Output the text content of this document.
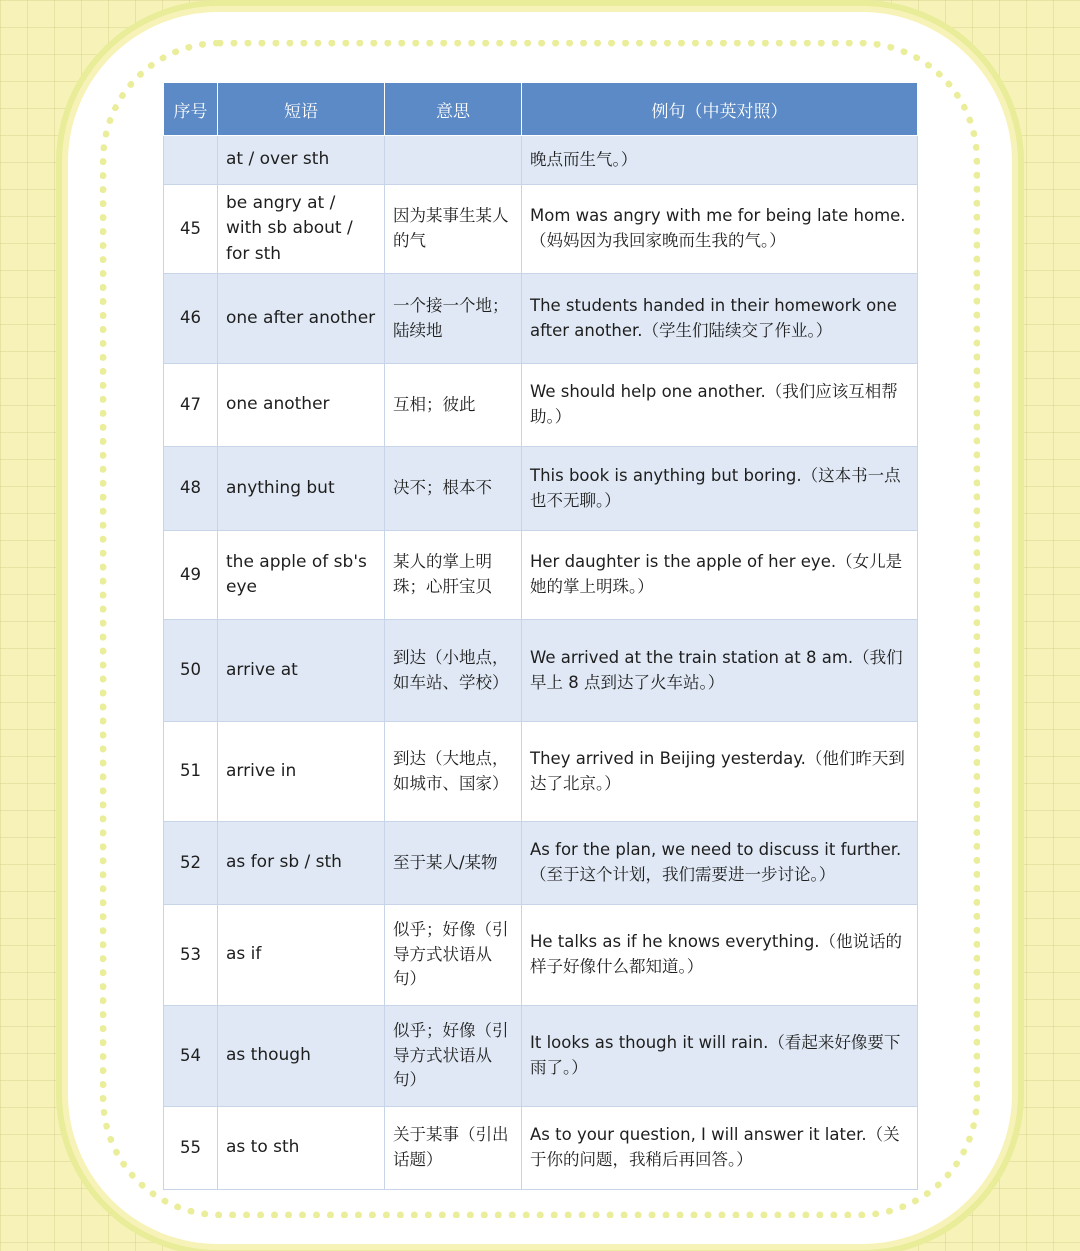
序号	短语	意思	例句（中英对照）
	at / over sth		晚点而生气。）
45	be angry at / with sb about / for sth	因为某事生某人的气	Mom was angry with me for being late home.（妈妈因为我回家晚而生我的气。）
46	one after another	一个接一个地；陆续地	The students handed in their homework one after another.（学生们陆续交了作业。）
47	one another	互相；彼此	We should help one another.（我们应该互相帮助。）
48	anything but	决不；根本不	This book is anything but boring.（这本书一点也不无聊。）
49	the apple of sb's eye	某人的掌上明珠；心肝宝贝	Her daughter is the apple of her eye.（女儿是她的掌上明珠。）
50	arrive at	到达（小地点，如车站、学校）	We arrived at the train station at 8 am.（我们早上 8 点到达了火车站。）
51	arrive in	到达（大地点，如城市、国家）	They arrived in Beijing yesterday.（他们昨天到达了北京。）
52	as for sb / sth	至于某人/某物	As for the plan, we need to discuss it further.（至于这个计划，我们需要进一步讨论。）
53	as if	似乎；好像（引导方式状语从句）	He talks as if he knows everything.（他说话的样子好像什么都知道。）
54	as though	似乎；好像（引导方式状语从句）	It looks as though it will rain.（看起来好像要下雨了。）
55	as to sth	关于某事（引出话题）	As to your question, I will answer it later.（关于你的问题，我稍后再回答。）
